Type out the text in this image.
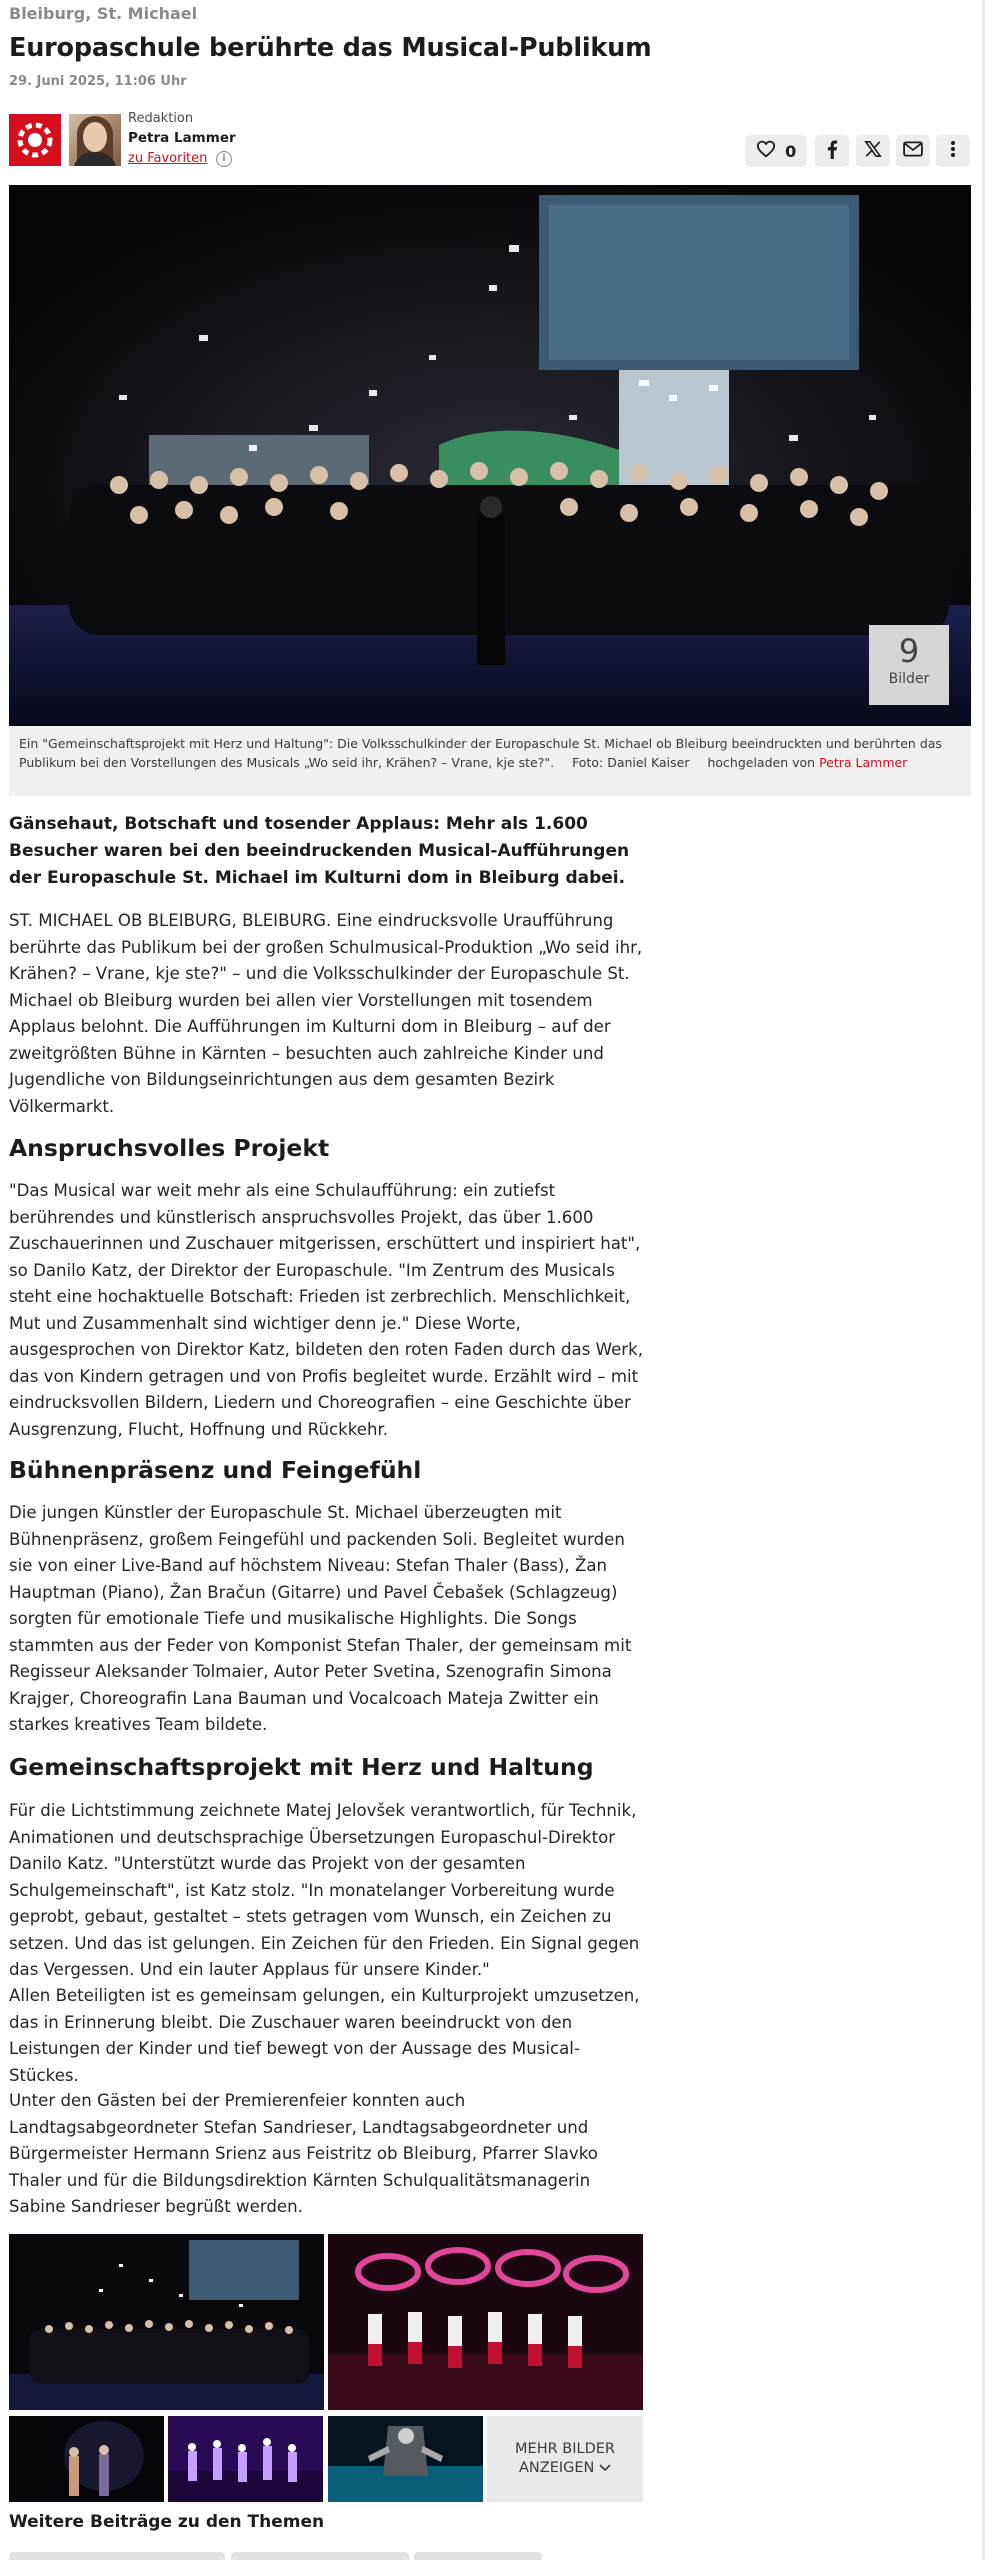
Bleiburg, St. Michael
Europaschule berührte das Musical-Publikum
29. Juni 2025, 11:06 Uhr
Redaktion
Petra Lammer
zu Favoriten	i	0
9
Bilder
Ein "Gemeinschaftsprojekt mit Herz und Haltung": Die Volksschulkinder der Europaschule St. Michael ob Bleiburg beeindruckten und berührten das Publikum bei den Vorstellungen des Musicals „Wo seid ihr, Krähen? – Vrane, kje ste?". Foto: Daniel Kaiser hochgeladen von Petra Lammer

Gänsehaut, Botschaft und tosender Applaus: Mehr als 1.600 Besucher waren bei den beeindruckenden Musical-Aufführungen der Europaschule St. Michael im Kulturni dom in Bleiburg dabei.

ST. MICHAEL OB BLEIBURG, BLEIBURG. Eine eindrucksvolle Uraufführung berührte das Publikum bei der großen Schulmusical-Produktion „Wo seid ihr, Krähen? – Vrane, kje ste?" – und die Volksschulkinder der Europaschule St. Michael ob Bleiburg wurden bei allen vier Vorstellungen mit tosendem Applaus belohnt. Die Aufführungen im Kulturni dom in Bleiburg – auf der zweitgrößten Bühne in Kärnten – besuchten auch zahlreiche Kinder und Jugendliche von Bildungseinrichtungen aus dem gesamten Bezirk Völkermarkt.

Anspruchsvolles Projekt

"Das Musical war weit mehr als eine Schulaufführung: ein zutiefst berührendes und künstlerisch anspruchsvolles Projekt, das über 1.600 Zuschauerinnen und Zuschauer mitgerissen, erschüttert und inspiriert hat", so Danilo Katz, der Direktor der Europaschule. "Im Zentrum des Musicals steht eine hochaktuelle Botschaft: Frieden ist zerbrechlich. Menschlichkeit, Mut und Zusammenhalt sind wichtiger denn je." Diese Worte, ausgesprochen von Direktor Katz, bildeten den roten Faden durch das Werk, das von Kindern getragen und von Profis begleitet wurde. Erzählt wird – mit eindrucksvollen Bildern, Liedern und Choreografien – eine Geschichte über Ausgrenzung, Flucht, Hoffnung und Rückkehr.

Bühnenpräsenz und Feingefühl

Die jungen Künstler der Europaschule St. Michael überzeugten mit Bühnenpräsenz, großem Feingefühl und packenden Soli. Begleitet wurden sie von einer Live-Band auf höchstem Niveau: Stefan Thaler (Bass), Žan Hauptman (Piano), Žan Bračun (Gitarre) und Pavel Čebašek (Schlagzeug) sorgten für emotionale Tiefe und musikalische Highlights. Die Songs stammten aus der Feder von Komponist Stefan Thaler, der gemeinsam mit Regisseur Aleksander Tolmaier, Autor Peter Svetina, Szenografin Simona Krajger, Choreografin Lana Bauman und Vocalcoach Mateja Zwitter ein starkes kreatives Team bildete.

Gemeinschaftsprojekt mit Herz und Haltung

Für die Lichtstimmung zeichnete Matej Jelovšek verantwortlich, für Technik, Animationen und deutschsprachige Übersetzungen Europaschul-Direktor Danilo Katz. "Unterstützt wurde das Projekt von der gesamten Schulgemeinschaft", ist Katz stolz. "In monatelanger Vorbereitung wurde geprobt, gebaut, gestaltet – stets getragen vom Wunsch, ein Zeichen zu setzen. Und das ist gelungen. Ein Zeichen für den Frieden. Ein Signal gegen das Vergessen. Und ein lauter Applaus für unsere Kinder."

Allen Beteiligten ist es gemeinsam gelungen, ein Kulturprojekt umzusetzen, das in Erinnerung bleibt. Die Zuschauer waren beeindruckt von den Leistungen der Kinder und tief bewegt von der Aussage des Musical-Stückes.

Unter den Gästen bei der Premierenfeier konnten auch Landtagsabgeordneter Stefan Sandrieser, Landtagsabgeordneter und Bürgermeister Hermann Srienz aus Feistritz ob Bleiburg, Pfarrer Slavko Thaler und für die Bildungsdirektion Kärnten Schulqualitätsmanagerin Sabine Sandrieser begrüßt werden.

MEHR BILDER
ANZEIGEN
Weitere Beiträge zu den Themen
